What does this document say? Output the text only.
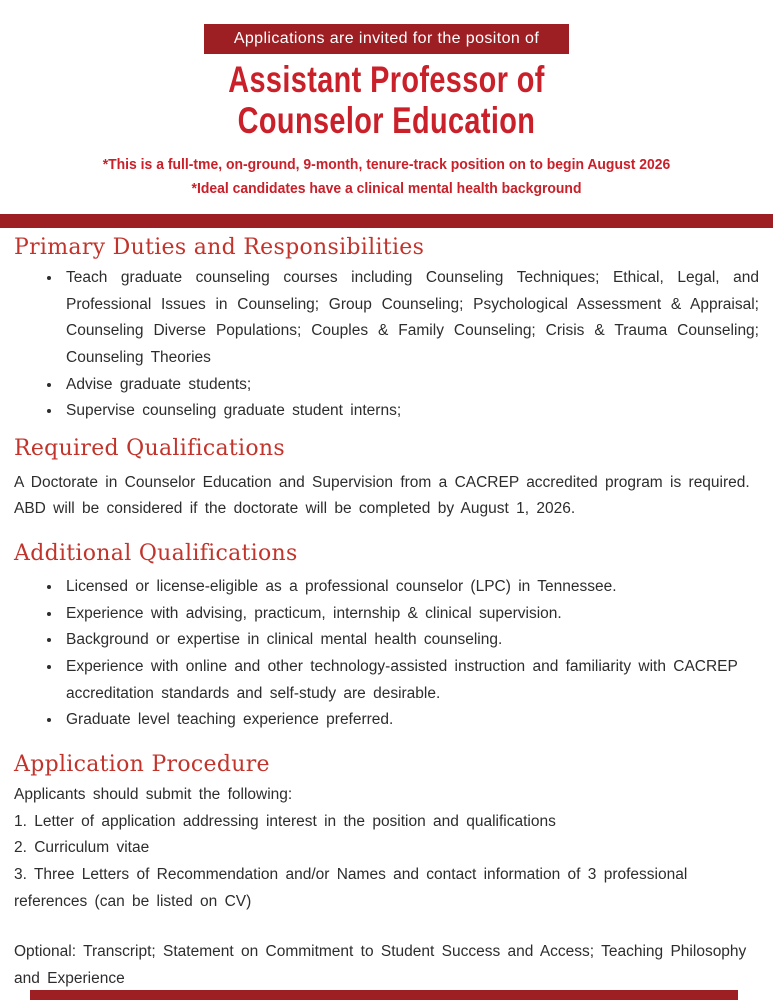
Applications are invited for the positon of
Assistant Professor of
Counselor Education
*This is a full-tme, on-ground, 9-month, tenure-track position on to begin August 2026
*Ideal candidates have a clinical mental health background
Primary Duties and Responsibilities
• Teach graduate counseling courses including Counseling Techniques; Ethical, Legal, and Professional Issues in Counseling; Group Counseling; Psychological Assessment & Appraisal; Counseling Diverse Populations; Couples & Family Counseling; Crisis & Trauma Counseling; Counseling Theories
• Advise graduate students;
• Supervise counseling graduate student interns;
Required Qualifications

A Doctorate in Counselor Education and Supervision from a CACREP accredited program is required. ABD will be considered if the doctorate will be completed by August 1, 2026.

Additional Qualifications
• Licensed or license-eligible as a professional counselor (LPC) in Tennessee.
• Experience with advising, practicum, internship & clinical supervision.
• Background or expertise in clinical mental health counseling.
• Experience with online and other technology-assisted instruction and familiarity with CACREP accreditation standards and self-study are desirable.
• Graduate level teaching experience preferred.
Application Procedure

Applicants should submit the following:

1. Letter of application addressing interest in the position and qualifications

2. Curriculum vitae

3. Three Letters of Recommendation and/or Names and contact information of 3 professional references (can be listed on CV)

Optional: Transcript; Statement on Commitment to Student Success and Access; Teaching Philosophy and Experience
